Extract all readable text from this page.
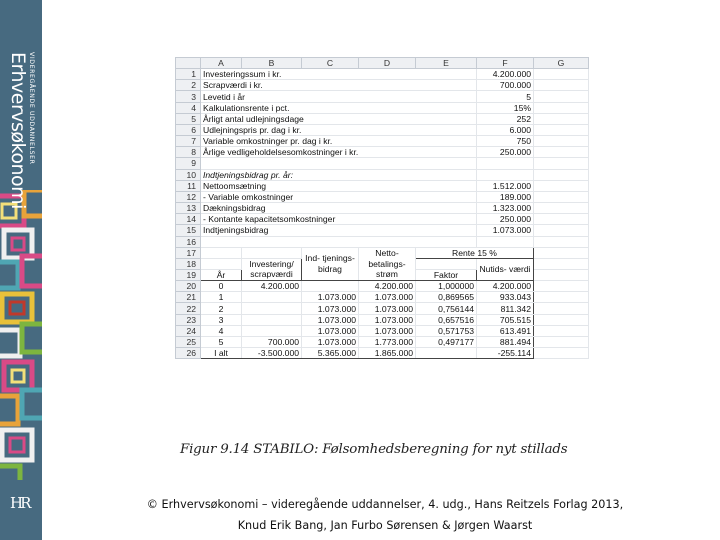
Erhvervsøkonomi VIDEREGÅENDE UDDANNELSER
HR
	A	B	C	D	E	F	G
1	Investeringssum i kr.					4.200.000	
2	Scrapværdi i kr.					700.000	
3	Levetid i år					5	
4	Kalkulationsrente i pct.					15%	
5	Årligt antal udlejningsdage					252	
6	Udlejningspris pr. dag i kr.					6.000	
7	Variable omkostninger pr. dag i kr.					750	
8	Årlige vedligeholdelsesomkostninger i kr.					250.000	
9							
10	Indtjeningsbidrag pr. år:						
11	Nettoomsætning					1.512.000	
12	- Variable omkostninger					189.000	
13	Dækningsbidrag					1.323.000	
14	- Kontante kapacitetsomkostninger					250.000	
15	Indtjeningsbidrag					1.073.000	
16							
17			Ind- tjenings- bidrag	Netto- betalings- strøm	Rente 15 %		
18		Investering/ scrapværdi				Nutids- værdi	
19	År				Faktor		
20	0	4.200.000		4.200.000	1,000000	4.200.000	
21	1		1.073.000	1.073.000	0,869565	933.043	
22	2		1.073.000	1.073.000	0,756144	811.342	
23	3		1.073.000	1.073.000	0,657516	705.515	
24	4		1.073.000	1.073.000	0,571753	613.491	
25	5	700.000	1.073.000	1.773.000	0,497177	881.494	
26	I alt	-3.500.000	5.365.000	1.865.000		-255.114	
Figur 9.14 STABILO: Følsomhedsberegning for nyt stillads
© Erhvervsøkonomi – videregående uddannelser, 4. udg., Hans Reitzels Forlag 2013,
Knud Erik Bang, Jan Furbo Sørensen & Jørgen Waarst
